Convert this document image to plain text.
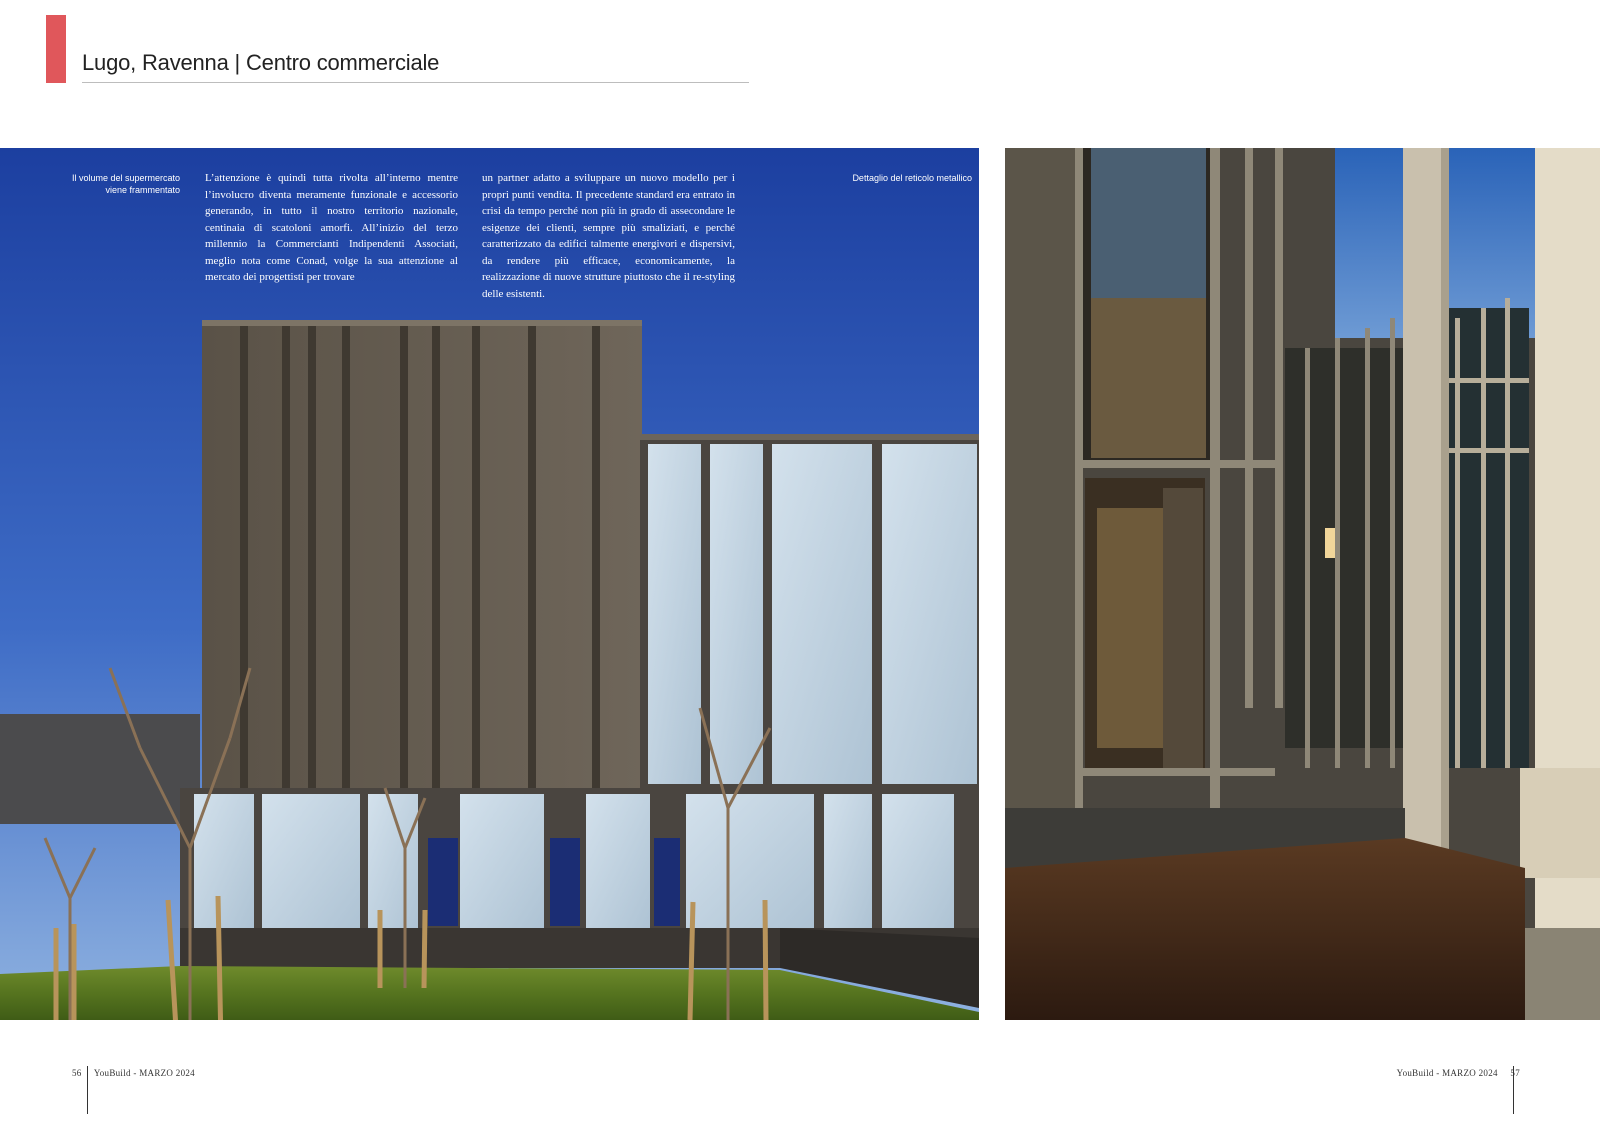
Lugo, Ravenna | Centro commerciale
Il volume del supermercato viene frammentato
Dettaglio del reticolo metallico

L’attenzione è quindi tutta rivolta all’interno mentre l’involucro diventa meramente funzionale e accessorio generando, in tutto il nostro territorio nazionale, centinaia di scatoloni amorfi. All’inizio del terzo millennio la Commercianti Indipendenti Associati, meglio nota come Conad, volge la sua attenzione al mercato dei progettisti per trovare

un partner adatto a sviluppare un nuovo modello per i propri punti vendita. Il precedente standard era entrato in crisi da tempo perché non più in grado di assecondare le esigenze dei clienti, sempre più smaliziati, e perché caratterizzato da edifici talmente energivori e dispersivi, da rendere più efficace, economicamente, la realizzazione di nuove strutture piuttosto che il re-styling delle esistenti.

56 YouBuild - MARZO 2024	YouBuild - MARZO 2024 57
